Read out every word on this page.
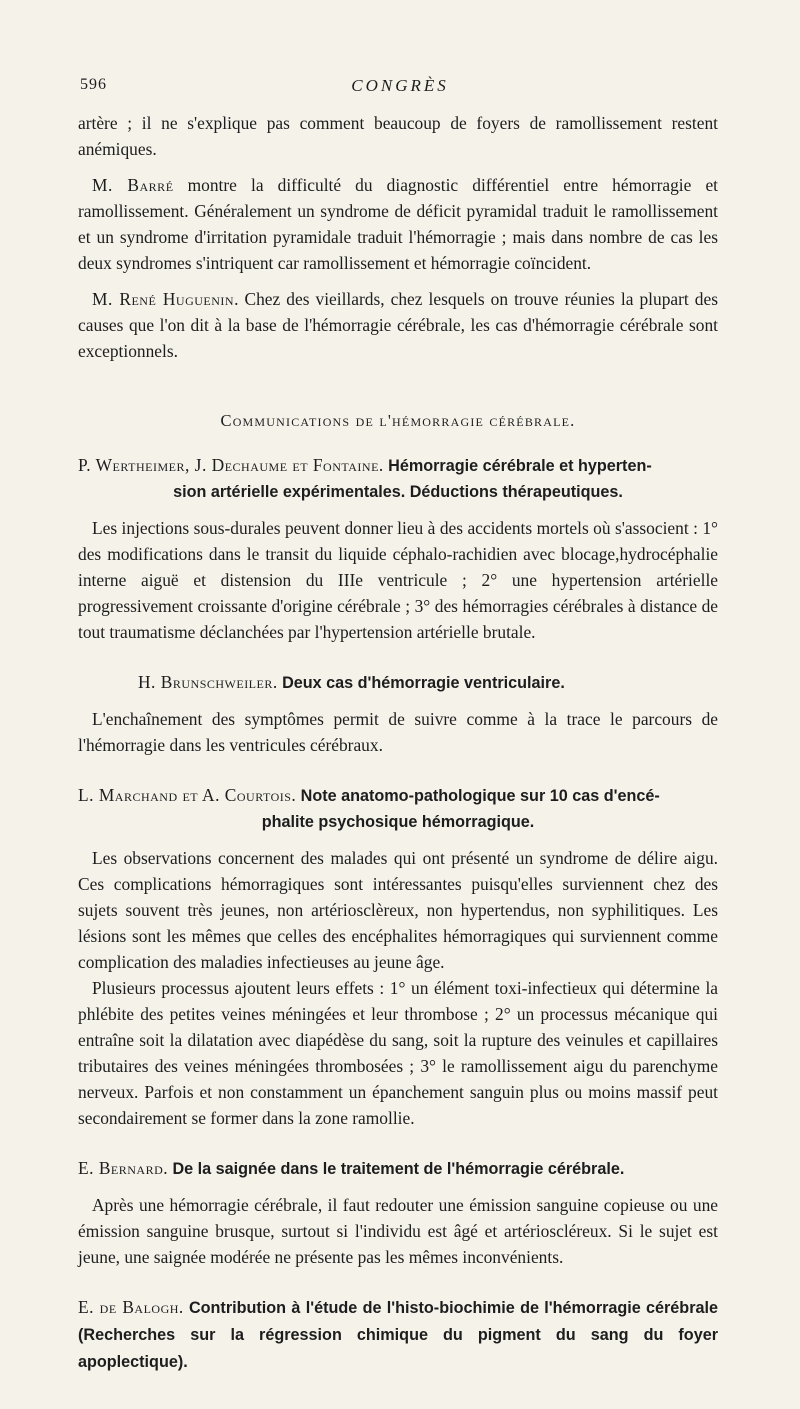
CONGRÈS
596

artère ; il ne s'explique pas comment beaucoup de foyers de ramollissement restent anémiques.

M. Barré montre la difficulté du diagnostic différentiel entre hémorragie et ramollissement. Généralement un syndrome de déficit pyramidal traduit le ramollissement et un syndrome d'irritation pyramidale traduit l'hémorragie ; mais dans nombre de cas les deux syndromes s'intriquent car ramollissement et hémorragie coïncident.

M. René Huguenin. Chez des vieillards, chez lesquels on trouve réunies la plupart des causes que l'on dit à la base de l'hémorragie cérébrale, les cas d'hémorragie cérébrale sont exceptionnels.

Communications de l'hémorragie cérébrale.
P. Wertheimer, J. Dechaume et Fontaine. Hémorragie cérébrale et hyperten-
sion artérielle expérimentales. Déductions thérapeutiques.

Les injections sous-durales peuvent donner lieu à des accidents mortels où s'associent : 1° des modifications dans le transit du liquide céphalo-rachidien avec blocage,hydrocéphalie interne aiguë et distension du IIIe ventricule ; 2° une hypertension artérielle progressivement croissante d'origine cérébrale ; 3° des hémorragies cérébrales à distance de tout traumatisme déclanchées par l'hypertension artérielle brutale.

H. Brunschweiler. Deux cas d'hémorragie ventriculaire.

L'enchaînement des symptômes permit de suivre comme à la trace le parcours de l'hémorragie dans les ventricules cérébraux.

L. Marchand et A. Courtois. Note anatomo-pathologique sur 10 cas d'encé-
phalite psychosique hémorragique.

Les observations concernent des malades qui ont présenté un syndrome de délire aigu. Ces complications hémorragiques sont intéressantes puisqu'elles surviennent chez des sujets souvent très jeunes, non artériosclèreux, non hypertendus, non syphilitiques. Les lésions sont les mêmes que celles des encéphalites hémorragiques qui surviennent comme complication des maladies infectieuses au jeune âge.

Plusieurs processus ajoutent leurs effets : 1° un élément toxi-infectieux qui détermine la phlébite des petites veines méningées et leur thrombose ; 2° un processus mécanique qui entraîne soit la dilatation avec diapédèse du sang, soit la rupture des veinules et capillaires tributaires des veines méningées thrombosées ; 3° le ramollissement aigu du parenchyme nerveux. Parfois et non constamment un épanchement sanguin plus ou moins massif peut secondairement se former dans la zone ramollie.

E. Bernard. De la saignée dans le traitement de l'hémorragie cérébrale.

Après une hémorragie cérébrale, il faut redouter une émission sanguine copieuse ou une émission sanguine brusque, surtout si l'individu est âgé et artérioscléreux. Si le sujet est jeune, une saignée modérée ne présente pas les mêmes inconvénients.

E. de Balogh. Contribution à l'étude de l'histo-biochimie de l'hémorragie cérébrale (Recherches sur la régression chimique du pigment du sang du foyer apoplectique).
